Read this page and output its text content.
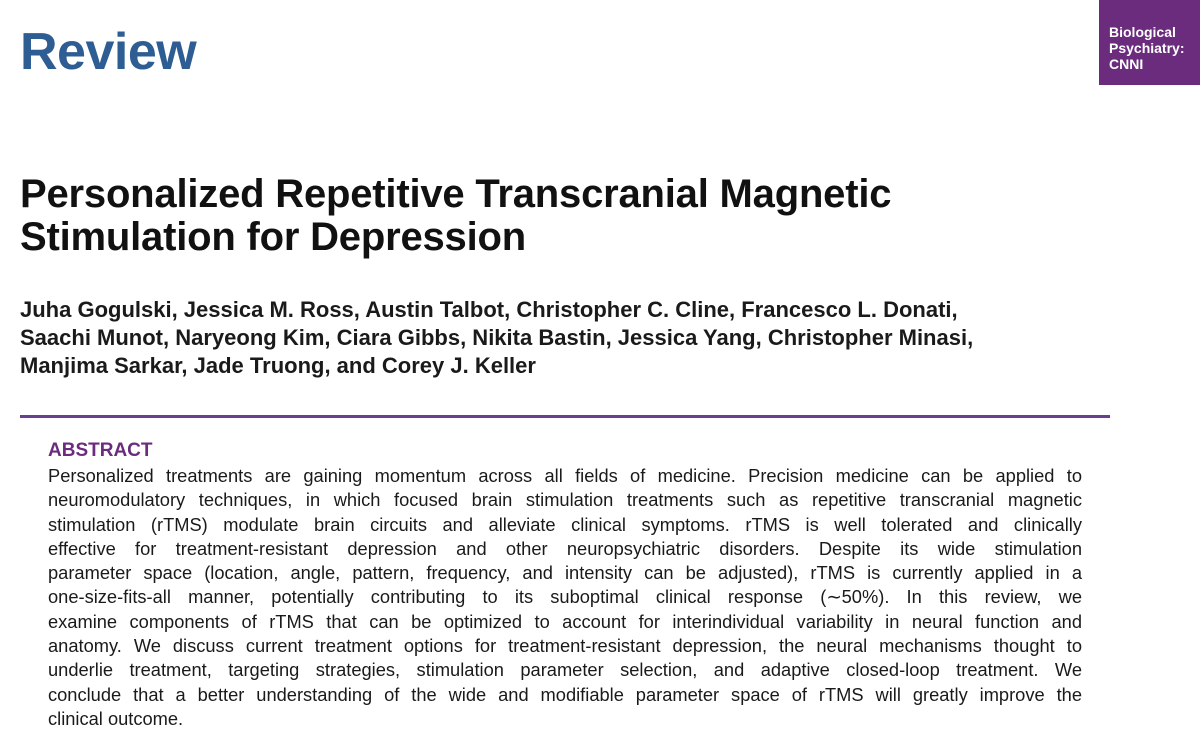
Review	Biological
Psychiatry:
CNNI
Personalized Repetitive Transcranial Magnetic
Stimulation for Depression

Juha Gogulski, Jessica M. Ross, Austin Talbot, Christopher C. Cline, Francesco L. Donati,
Saachi Munot, Naryeong Kim, Ciara Gibbs, Nikita Bastin, Jessica Yang, Christopher Minasi,
Manjima Sarkar, Jade Truong, and Corey J. Keller

ABSTRACT

Personalized treatments are gaining momentum across all fields of medicine. Precision medicine can be applied to
neuromodulatory techniques, in which focused brain stimulation treatments such as repetitive transcranial magnetic
stimulation (rTMS) modulate brain circuits and alleviate clinical symptoms. rTMS is well tolerated and clinically
effective for treatment-resistant depression and other neuropsychiatric disorders. Despite its wide stimulation
parameter space (location, angle, pattern, frequency, and intensity can be adjusted), rTMS is currently applied in a
one-size-fits-all manner, potentially contributing to its suboptimal clinical response (∼50%). In this review, we
examine components of rTMS that can be optimized to account for interindividual variability in neural function and
anatomy. We discuss current treatment options for treatment-resistant depression, the neural mechanisms thought to
underlie treatment, targeting strategies, stimulation parameter selection, and adaptive closed-loop treatment. We
conclude that a better understanding of the wide and modifiable parameter space of rTMS will greatly improve the
clinical outcome.
